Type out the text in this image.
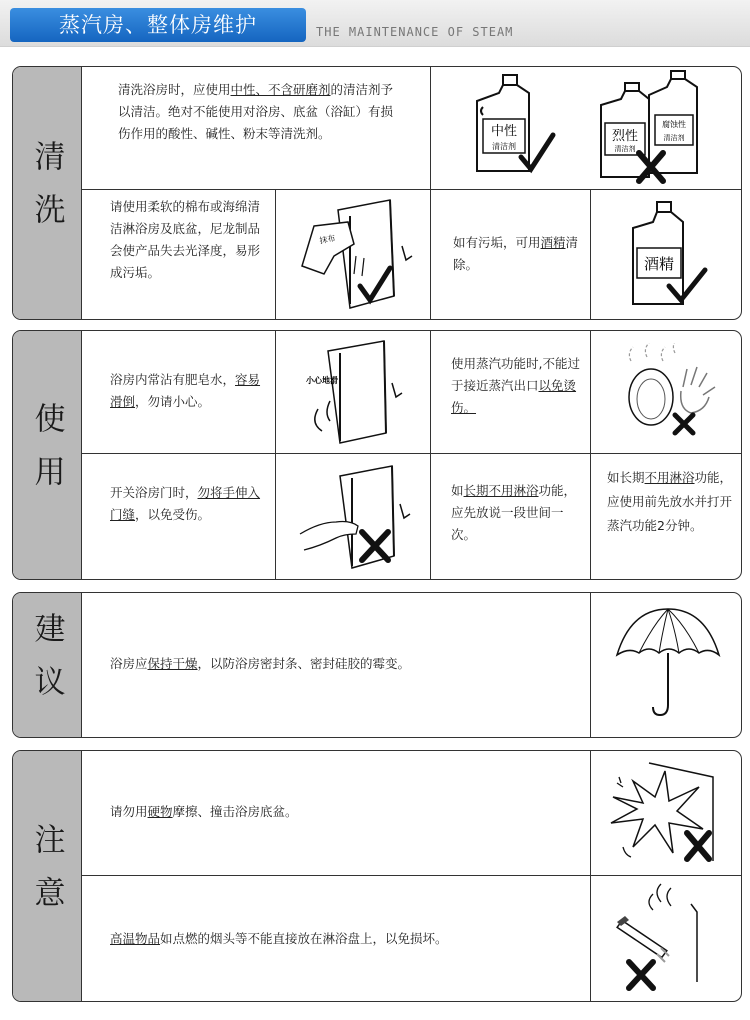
蒸汽房、整体房维护	THE MAINTENANCE OF STEAM
清洗
清洗浴房时，应使用中性、不含研磨剂的清洁剂予以清洁。绝对不能使用对浴房、底盆（浴缸）有损伤作用的酸性、碱性、粉末等清洗剂。	中性
清洁剂
腐蚀性
清洁剂
烈性
清洁剂
请使用柔软的棉布或海绵清洁淋浴房及底盆，尼龙制品会使产品失去光泽度，易形成污垢。
抹布	如有污垢，可用酒精清除。	酒精
使用
浴房内常沾有肥皂水，容易滑倒，勿请小心。
小心地滑
使用蒸汽功能时,不能过于接近蒸汽出口以免烫伤。
开关浴房门时，勿将手伸入门缝，以免受伤。
如长期不用淋浴功能，应先放说一段世间一次。
如长期不用淋浴功能，应使用前先放水并打开蒸汽功能2分钟。
建议	浴房应保持干燥，以防浴房密封条、密封硅胶的霉变。
注意
请勿用硬物摩擦、撞击浴房底盆。
高温物品如点燃的烟头等不能直接放在淋浴盘上，以免损坏。
